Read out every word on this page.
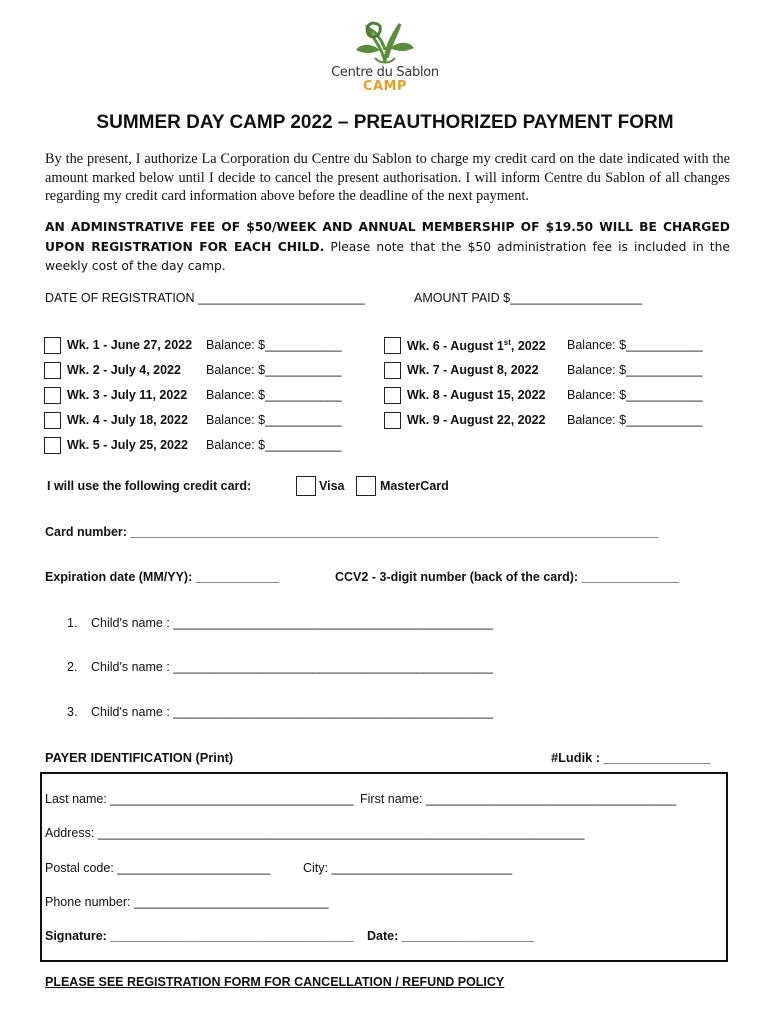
Centre du Sablon
CAMP
SUMMER DAY CAMP 2022 – PREAUTHORIZED PAYMENT FORM
By the present, I authorize La Corporation du Centre du Sablon to charge my credit card on the date indicated with the amount marked below until I decide to cancel the present authorisation. I will inform Centre du Sablon of all changes regarding my credit card information above before the deadline of the next payment.
AN ADMINSTRATIVE FEE OF $50/WEEK AND ANNUAL MEMBERSHIP OF $19.50 WILL BE CHARGED UPON REGISTRATION FOR EACH CHILD. Please note that the $50 administration fee is included in the weekly cost of the day camp.
DATE OF REGISTRATION ________________________	AMOUNT PAID $___________________
Wk. 1 - June 27, 2022 Balance: $___________
Wk. 2 - July 4, 2022 Balance: $___________
Wk. 3 - July 11, 2022 Balance: $___________
Wk. 4 - July 18, 2022 Balance: $___________
Wk. 5 - July 25, 2022 Balance: $___________
Wk. 6 - August 1st, 2022 Balance: $___________
Wk. 7 - August 8, 2022 Balance: $___________
Wk. 8 - August 15, 2022 Balance: $___________
Wk. 9 - August 22, 2022 Balance: $___________
I will use the following credit card:	Visa	MasterCard
Card number: ____________________________________________________________________________
Expiration date (MM/YY): ____________	CCV2 - 3-digit number (back of the card): ______________
1. Child's name : ______________________________________________
2. Child's name : ______________________________________________
3. Child's name : ______________________________________________
PAYER IDENTIFICATION (Print)	#Ludik : _______________
Last name: ___________________________________ First name: ____________________________________
Address: ______________________________________________________________________
Postal code: ______________________	City: __________________________
Phone number: ____________________________
Signature: ___________________________________ Date: ___________________
PLEASE SEE REGISTRATION FORM FOR CANCELLATION / REFUND POLICY
